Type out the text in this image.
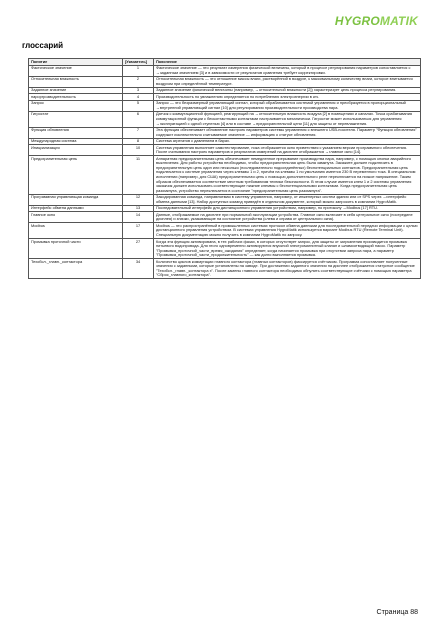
HYGROMATIK
глоссарий
Понятие	[Указатель]	Пояснение
Фактическое значение	1	Фактическое значение — это результат измерения физической величины, который в процессе регулирования параметров сопоставляется с →заданным значением [3] и в зависимости от результатов сравнения требует корректировки.
Относительная влажность	2	Относительная влажность — это отношение массы влаги, растворённой в воздухе, к максимальному количеству влаги, которое впитывается воздухом при определённой температуре.
Заданное значение	3	Заданное значение физической величины (например, →относительной влажности [2]) характеризует цель процесса регулирования.
пароргрозводительность	4	Производительность по увлажнению определяется по потреблению электроэнергии в кгч.
Запрос	5	Запрос — это безразмерный управляющий сигнал, который обрабатывается системой управления и преобразуется в пропорциональный →внутренний управляющий сигнал [10] для регулирования производительности производства пара.
Гигростат	6	Датчик с коммутационной функцией, реагирующий на →относительную влажность воздуха [2] в помещениях и каналах. Точка срабатывания коммутационной функции с бесконтактными контактами настраивается механически. Гигростат может использоваться для управления →эксплуатацией с одной ступенью [4] или в составе →предохранительной цепи [11] для защиты от перевлажнения.
Функция обновления	7	Эта функция обеспечивает обновление настроек параметров системы управления с внешнего USB-носителя. Параметр "Функция обновления" содержит исключительно считываемое значение — информацию о статусе обновления.
Международная система	8	Система агрегатов с давлением в барах.
Инициализация	10	Система управления выполняет самотестирование, пока отображается окно приветствия с указанием версии программного обеспечения. После считывания настроек параметров и результатов измерений на дисплее отображается →главное окно [14].
Предохранительная цепь	11	Аппаратная предохранительная цепь обеспечивает немедленное прерывание производства пара, например, с помощью кнопки аварийного выключения. Для работы устройства необходимо, чтобы предохранительная цепь была замкнута. Закажите должен подключить в предохранительную цепь один или несколько (последовательно подсоединённых) беспотенциальных контактов. Предохранительная цепь подключается к системе управления через клеммы 1 и 2, причём на клеммы 1 по умолчанию имеется 230 В переменного тока. В специальном исполнении (например, для США) предохранительная цепь с помощью дополнительного реле переключается на низкое напряжение. Таким образом обеспечивается соответствие местным требованиям техники безопасности. В этом случае имеется клем 1 и 2 системы управления закажчик должен использовать соответствующие нижние клеммы с беспотенциальными контактами. Когда предохранительная цепь разомкнута, устройство переключается в состояние "предохранительная цепь разомкнута".
Программная управляющая команда	12	Закодированная команда, направляемая в систему управления, например, от инженерных систем здания или от SPS через →интерфейс обмена данными [13]. Набор доступных команд приведён в отдельном документе, который можно запросить в компании HygroMatik.
Интерфейс обмена данными	13	Последовательный интерфейс для дистанционного управления устройством, например, по протоколу →Modbus [17] RTU.
Главное окно	14	Данные, отображаемые на дисплее при нормальной эксплуатации устройства. Главное окно включает в себя центральное окно (посередине дисплея) и значки, указывающие на состояние устройства (слева и справа от центрального окна).
Modbus	17	Modbus — это распространённый в промышленных системах протокол обмена данными для последовательной передачи информации с целью дистанционного управления устройством. В системах управления HygroMatik используется вариант Modbus RTU (Remote Terminal Unit). Специальную документацию можно получить в компании HygroMatik по запросу.
Промывка проточной части	27	Когда эта функция активирована, в тех рабочих фазах, в которых отсутствует запрос, для защиты от загрязнения производится промывка питьевого водопровода. Для этого одновременно активируются впускной электромагнитный клапан и шламоотводящий насос. Параметр "Промывка_проточной_части_время_ожидания" определяет, когда начинается промывка при отсутствии запроса пара, а параметр "Промывка_проточной_части_продолжительность" — как долго выполняется промывка.
Техобсл._главн._контактора	34	Количество циклов коммутации главного контактора (главных контакторов) фиксируется счётчиком. Программа сопоставляет полученные значения с заданными, которые установлены на заводе. При достижении заданного значения на дисплее отображается статусное сообщение "Техобсл._главн._контактора х". После замены главного контактора необходимо обнулить соответствующие счётчики с помощью параметра "Сброс_главного_контактора".
Страница 88
